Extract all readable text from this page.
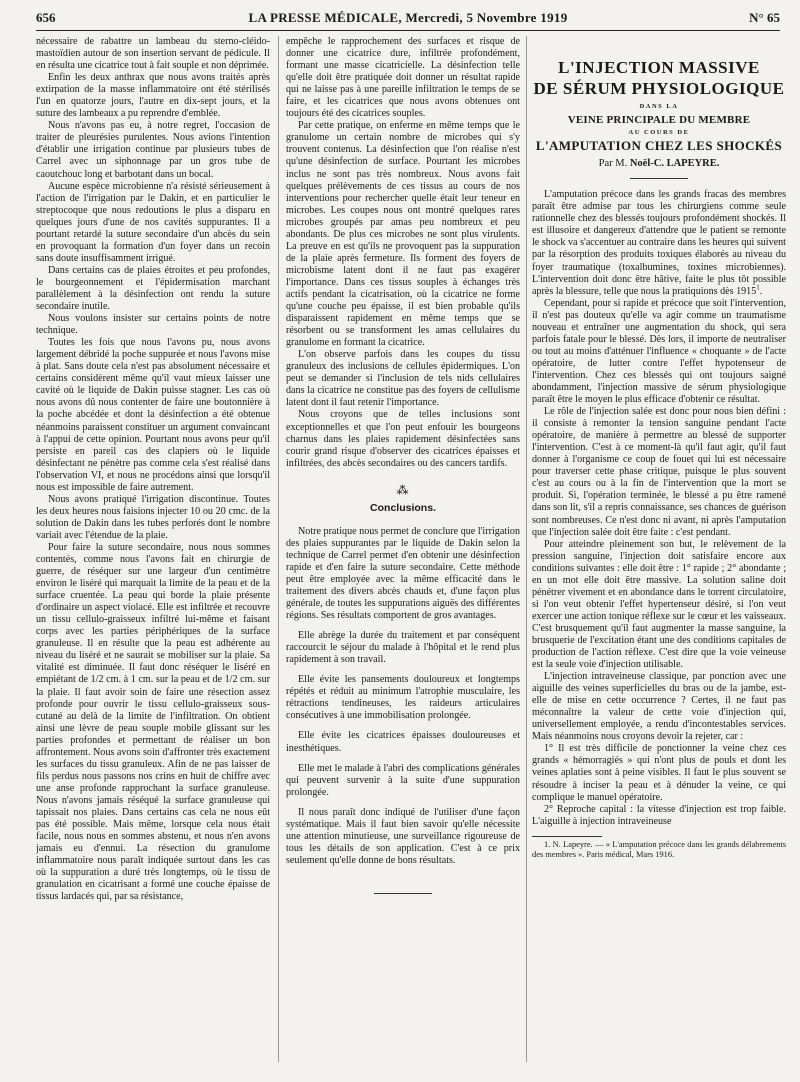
656	LA PRESSE MÉDICALE, Mercredi, 5 Novembre 1919	N° 65

nécessaire de rabattre un lambeau du sterno-cléido-mastoïdien autour de son insertion servant de pédicule. Il en résulta une cicatrice tout à fait souple et non déprimée.

Enfin les deux anthrax que nous avons traités après extirpation de la masse inflammatoire ont été stérilisés l'un en quatorze jours, l'autre en dix-sept jours, et la suture des lambeaux a pu reprendre d'emblée.

Nous n'avons pas eu, à notre regret, l'occasion de traiter de pleurésies purulentes. Nous avions l'intention d'établir une irrigation continue par plusieurs tubes de Carrel avec un siphonnage par un gros tube de caoutchouc long et barbotant dans un bocal.

Aucune espèce microbienne n'a résisté sérieusement à l'action de l'irrigation par le Dakin, et en particulier le streptocoque que nous redoutions le plus a disparu en quelques jours d'une de nos cavités suppurantes. Il a pourtant retardé la suture secondaire d'un abcès du sein en provoquant la formation d'un foyer dans un recoin sans doute insuffisamment irrigué.

Dans certains cas de plaies étroites et peu profondes, le bourgeonnement et l'épidermisation marchant parallèlement à la désinfection ont rendu la suture secondaire inutile.

Nous voulons insister sur certains points de notre technique.

Toutes les fois que nous l'avons pu, nous avons largement débridé la poche suppurée et nous l'avons mise à plat. Sans doute cela n'est pas absolument nécessaire et certains considèrent même qu'il vaut mieux laisser une cavité où le liquide de Dakin puisse stagner. Les cas où nous avons dû nous contenter de faire une boutonnière à la poche abcédée et dont la désinfection a été obtenue néanmoins paraissent constituer un argument convaincant à l'appui de cette opinion. Pourtant nous avons peur qu'il persiste en pareil cas des clapiers où le liquide désinfectant ne pénètre pas comme cela s'est réalisé dans l'observation VI, et nous ne procédons ainsi que lorsqu'il nous est impossible de faire autrement.

Nous avons pratiqué l'irrigation discontinue. Toutes les deux heures nous faisions injecter 10 ou 20 cmc. de la solution de Dakin dans les tubes perforés dont le nombre variait avec l'étendue de la plaie.

Pour faire la suture secondaire, nous nous sommes contentés, comme nous l'avons fait en chirurgie de guerre, de réséquer sur une largeur d'un centimètre environ le liséré qui marquait la limite de la peau et de la surface cruentée. La peau qui borde la plaie présente d'ordinaire un aspect violacé. Elle est infiltrée et recouvre un tissu cellulo-graisseux infiltré lui-même et faisant corps avec les parties périphériques de la surface granuleuse. Il en résulte que la peau est adhérente au niveau du liséré et ne saurait se mobiliser sur la plaie. Sa vitalité est diminuée. Il faut donc réséquer le liséré en empiétant de 1/2 cm. à 1 cm. sur la peau et de 1/2 cm. sur la plaie. Il faut avoir soin de faire une résection assez profonde pour ouvrir le tissu cellulo-graisseux sous-cutané au delà de la limite de l'infiltration. On obtient ainsi une lèvre de peau souple mobile glissant sur les parties profondes et permettant de réaliser un bon affrontement. Nous avons soin d'affronter très exactement les surfaces du tissu granuleux. Afin de ne pas laisser de fils perdus nous passons nos crins en huit de chiffre avec une anse profonde rapprochant la surface granuleuse. Nous n'avons jamais réséqué la surface granuleuse qui tapissait nos plaies. Dans certains cas cela ne nous eût pas été possible. Mais même, lorsque cela nous était facile, nous nous en sommes abstenu, et nous n'en avons jamais eu d'ennui. La résection du granulome inflammatoire nous paraît indiquée surtout dans les cas où la suppuration a duré très longtemps, où le tissu de granulation en cicatrisant a formé une couche épaisse de tissus lardacés qui, par sa résistance,

empêche le rapprochement des surfaces et risque de donner une cicatrice dure, infiltrée profondément, formant une masse cicatricielle. La désinfection telle qu'elle doit être pratiquée doit donner un résultat rapide qui ne laisse pas à une pareille infiltration le temps de se faire, et les cicatrices que nous avons obtenues ont toujours été des cicatrices souples.

Par cette pratique, on enferme en même temps que le granulome un certain nombre de microbes qui s'y trouvent contenus. La désinfection que l'on réalise n'est qu'une désinfection de surface. Pourtant les microbes inclus ne sont pas très nombreux. Nous avons fait quelques prélèvements de ces tissus au cours de nos interventions pour rechercher quelle était leur teneur en microbes. Les coupes nous ont montré quelques rares microbes groupés par amas peu nombreux et peu abondants. De plus ces microbes ne sont plus virulents. La preuve en est qu'ils ne provoquent pas la suppuration de la plaie après fermeture. Ils forment des foyers de microbisme latent dont il ne faut pas exagérer l'importance. Dans ces tissus souples à échanges très actifs pendant la cicatrisation, où la cicatrice ne forme qu'une couche peu épaisse, il est bien probable qu'ils disparaissent rapidement en même temps que se résorbent ou se transforment les amas cellulaires du granulome en formant la cicatrice.

L'on observe parfois dans les coupes du tissu granuleux des inclusions de cellules épidermiques. L'on peut se demander si l'inclusion de tels nids cellulaires dans la cicatrice ne constitue pas des foyers de cellulisme latent dont il faut retenir l'importance.

Nous croyons que de telles inclusions sont exceptionnelles et que l'on peut enfouir les bourgeons charnus dans les plaies rapidement désinfectées sans courir grand risque d'observer des cicatrices épaisses et infiltrées, des abcès secondaires ou des cancers tardifs.

⁂
Conclusions.

Notre pratique nous permet de conclure que l'irrigation des plaies suppurantes par le liquide de Dakin selon la technique de Carrel permet d'en obtenir une désinfection rapide et d'en faire la suture secondaire. Cette méthode peut être employée avec la même efficacité dans le traitement des divers abcès chauds et, d'une façon plus générale, de toutes les suppurations aiguës des différentes régions. Ses résultats comportent de gros avantages.

Elle abrège la durée du traitement et par conséquent raccourcit le séjour du malade à l'hôpital et le rend plus rapidement à son travail.

Elle évite les pansements douloureux et longtemps répétés et réduit au minimum l'atrophie musculaire, les rétractions tendineuses, les raideurs articulaires consécutives à une immobilisation prolongée.

Elle évite les cicatrices épaisses douloureuses et inesthétiques.

Elle met le malade à l'abri des complications générales qui peuvent survenir à la suite d'une suppuration prolongée.

Il nous paraît donc indiqué de l'utiliser d'une façon systématique. Mais il faut bien savoir qu'elle nécessite une attention minutieuse, une surveillance rigoureuse de tous les détails de son application. C'est à ce prix seulement qu'elle donne de bons résultats.

L'INJECTION MASSIVE
DE SÉRUM PHYSIOLOGIQUE
DANS LA
VEINE PRINCIPALE DU MEMBRE
AU COURS DE
L'AMPUTATION CHEZ LES SHOCKÉS
Par M. Noël-C. LAPEYRE.

L'amputation précoce dans les grands fracas des membres paraît être admise par tous les chirurgiens comme seule rationnelle chez des blessés toujours profondément shockés. Il est illusoire et dangereux d'attendre que le patient se remonte le shock va s'accentuer au contraire dans les heures qui suivent par la résorption des produits toxiques élaborés au niveau du foyer traumatique (toxalbumines, toxines microbiennes). L'intervention doit donc être hâtive, faite le plus tôt possible après la blessure, telle que nous la pratiquions dès 1915$^1$.

Cependant, pour si rapide et précoce que soit l'intervention, il n'est pas douteux qu'elle va agir comme un traumatisme nouveau et entraîner une augmentation du shock, qui sera parfois fatale pour le blessé. Dès lors, il importe de neutraliser ou tout au moins d'atténuer l'influence « choquante » de l'acte opératoire, de lutter contre l'effet hypotenseur de l'intervention. Chez ces blessés qui ont toujours saigné abondamment, l'injection massive de sérum physiologique paraît être le moyen le plus efficace d'obtenir ce résultat.

Le rôle de l'injection salée est donc pour nous bien défini : il consiste à remonter la tension sanguine pendant l'acte opératoire, de manière à permettre au blessé de supporter l'intervention. C'est à ce moment-là qu'il faut agir, qu'il faut donner à l'organisme ce coup de fouet qui lui est nécessaire pour traverser cette phase critique, puisque le plus souvent c'est au cours ou à la fin de l'intervention que la mort se produit. Si, l'opération terminée, le blessé a pu être ramené dans son lit, s'il a repris connaissance, ses chances de guérison sont nombreuses. Ce n'est donc ni avant, ni après l'amputation que l'injection salée doit être faite : c'est pendant.

Pour atteindre pleinement son but, le relèvement de la pression sanguine, l'injection doit satisfaire encore aux conditions suivantes : elle doit être : 1° rapide ; 2° abondante ; en un mot elle doit être massive. La solution saline doit pénétrer vivement et en abondance dans le torrent circulatoire, si l'on veut obtenir l'effet hypertenseur désiré, si l'on veut exercer une action tonique réflexe sur le cœur et les vaisseaux. C'est brusquement qu'il faut augmenter la masse sanguine, la brusquerie de l'excitation étant une des conditions capitales de production de l'action réflexe. C'est dire que la voie veineuse est la seule voie d'injection utilisable.

L'injection intraveineuse classique, par ponction avec une aiguille des veines superficielles du bras ou de la jambe, est-elle de mise en cette occurrence ? Certes, il ne faut pas méconnaître la valeur de cette voie d'injection qui, universellement employée, a rendu d'incontestables services. Mais néanmoins nous croyons devoir la rejeter, car :

1° Il est très difficile de ponctionner la veine chez ces grands « hémorragiés » qui n'ont plus de pouls et dont les veines aplaties sont à peine visibles. Il faut le plus souvent se résoudre à inciser la peau et à dénuder la veine, ce qui complique le manuel opératoire.

2° Reproche capital : la vitesse d'injection est trop faible. L'aiguille à injection intraveineuse

1. N. Lapeyre. — « L'amputation précoce dans les grands délabrements des membres ». Paris médical, Mars 1916.
